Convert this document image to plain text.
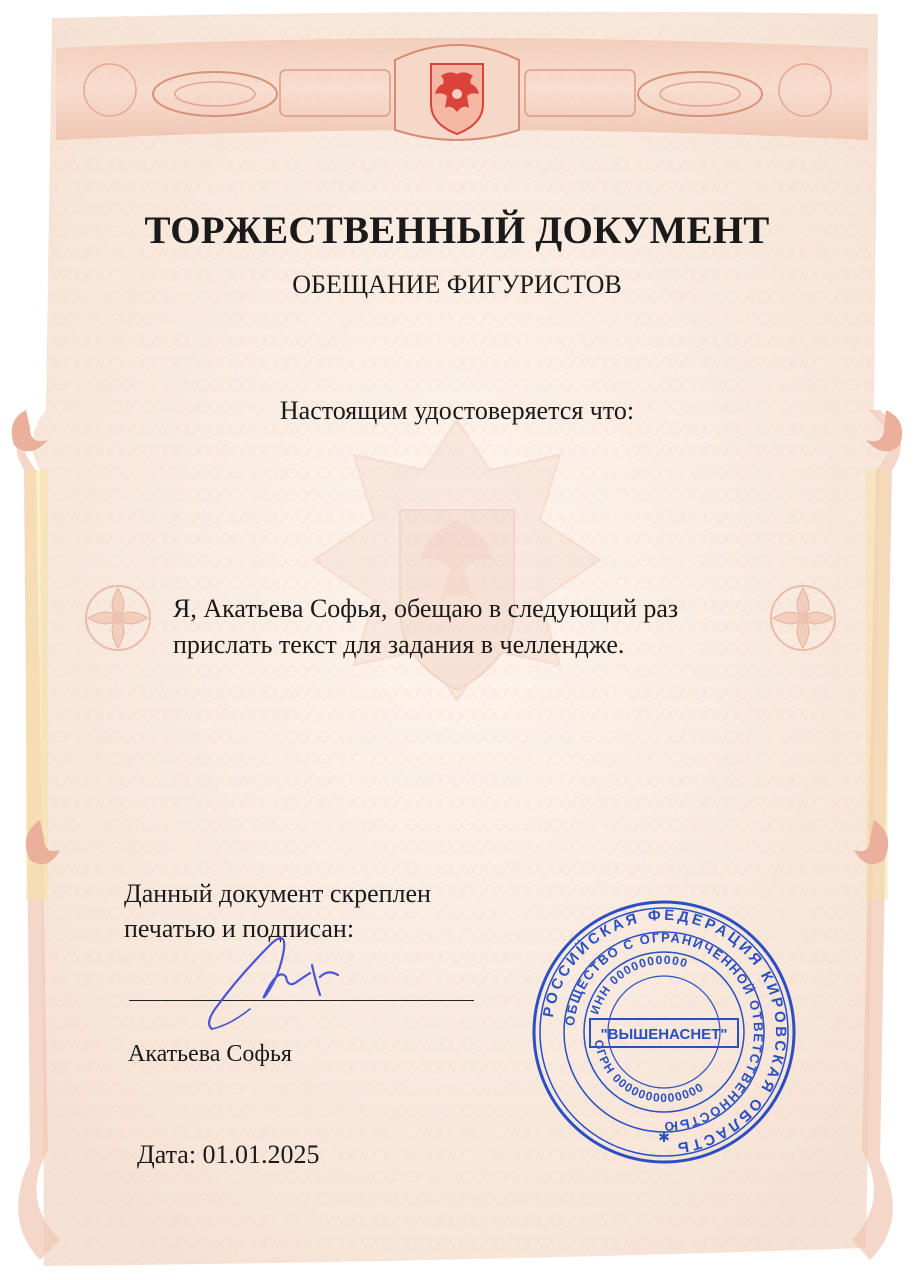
ТОРЖЕСТВЕННЫЙ ДОКУМЕНТ
ОБЕЩАНИЕ ФИГУРИСТОВ
Настоящим удостоверяется что:
Я, Акатьева Софья, обещаю в следующий раз
прислать текст для задания в челлендже.
Данный документ скреплен
печатью и подписан:
Акатьева Софья
Дата: 01.01.2025
РОССИЙСКАЯ ФЕДЕРАЦИЯ КИРОВСКАЯ ОБЛАСТЬ
ОБЩЕСТВО С ОГРАНИЧЕННОЙ ОТВЕТСТВЕННОСТЬЮ
ИНН 0000000000
ОГРН 0000000000000
"ВЫШЕНАСНЕТ"
✱
